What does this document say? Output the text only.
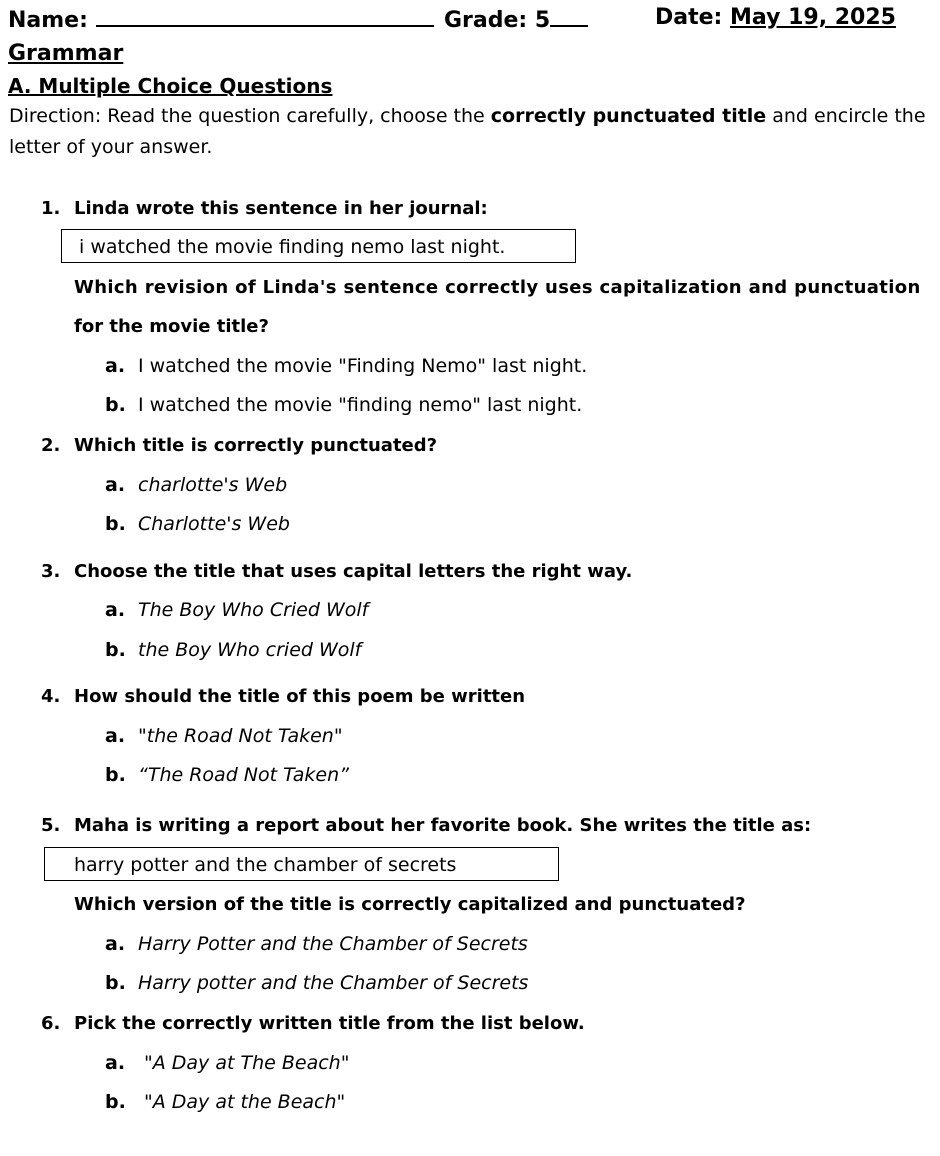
Name:	Grade: 5	Date: May 19, 2025
Grammar
A. Multiple Choice Questions
Direction: Read the question carefully, choose the correctly punctuated title and encircle the letter of your answer.
1. Linda wrote this sentence in her journal:
i watched the movie finding nemo last night.
Which revision of Linda's sentence correctly uses capitalization and punctuation
for the movie title?
a. I watched the movie "Finding Nemo" last night.
b. I watched the movie "finding nemo" last night.
2. Which title is correctly punctuated?
a. charlotte's Web
b. Charlotte's Web
3. Choose the title that uses capital letters the right way.
a. The Boy Who Cried Wolf
b. the Boy Who cried Wolf
4. How should the title of this poem be written
a. "the Road Not Taken"
b. “The Road Not Taken”
5. Maha is writing a report about her favorite book. She writes the title as:
harry potter and the chamber of secrets
Which version of the title is correctly capitalized and punctuated?
a. Harry Potter and the Chamber of Secrets
b. Harry potter and the Chamber of Secrets
6. Pick the correctly written title from the list below.
a. "A Day at The Beach"
b. "A Day at the Beach"
